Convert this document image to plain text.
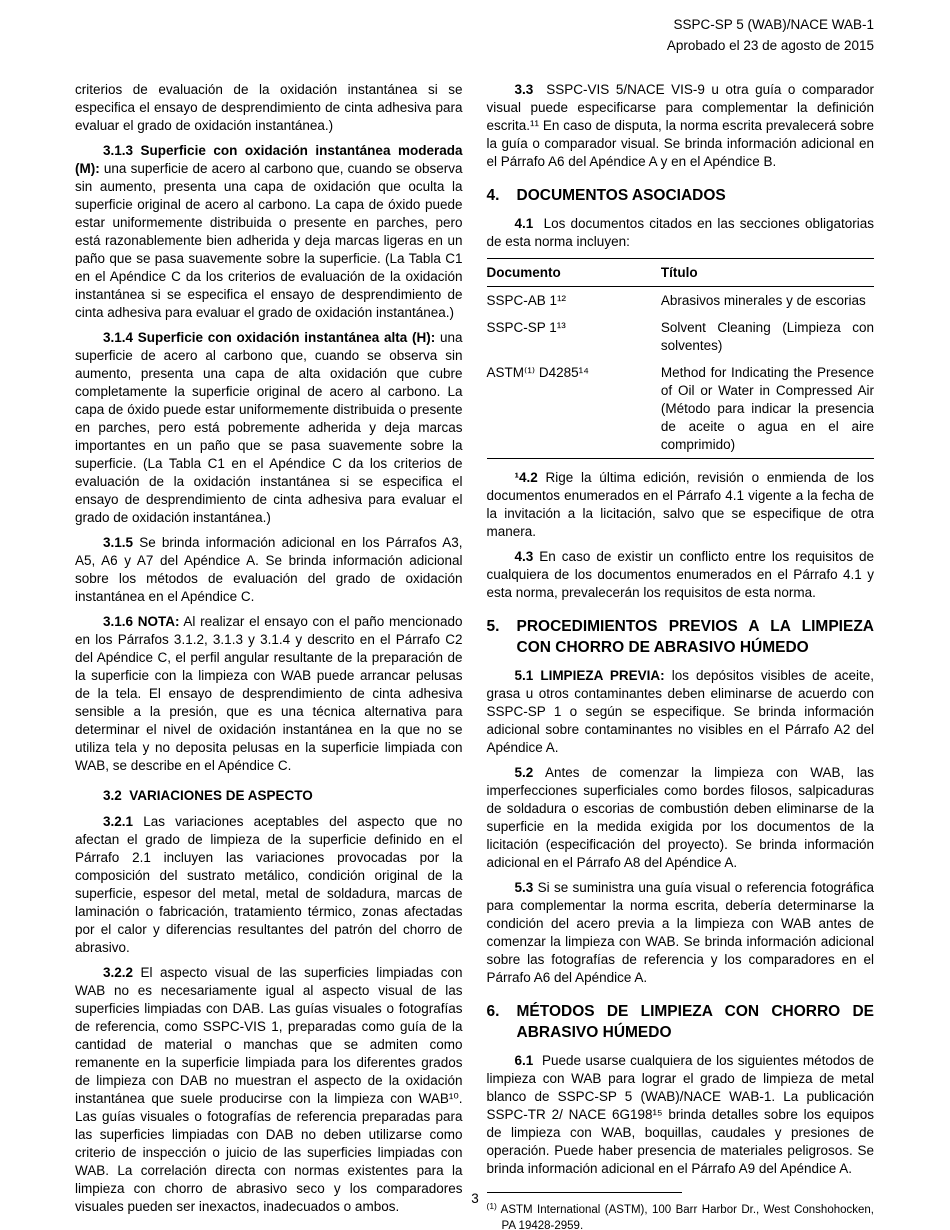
SSPC-SP 5 (WAB)/NACE WAB-1
Aprobado el 23 de agosto de 2015

criterios de evaluación de la oxidación instantánea si se especifica el ensayo de desprendimiento de cinta adhesiva para evaluar el grado de oxidación instantánea.)

3.1.3 Superficie con oxidación instantánea moderada (M): una superficie de acero al carbono que, cuando se observa sin aumento, presenta una capa de oxidación que oculta la superficie original de acero al carbono. La capa de óxido puede estar uniformemente distribuida o presente en parches, pero está razonablemente bien adherida y deja marcas ligeras en un paño que se pasa suavemente sobre la superficie. (La Tabla C1 en el Apéndice C da los criterios de evaluación de la oxidación instantánea si se especifica el ensayo de desprendimiento de cinta adhesiva para evaluar el grado de oxidación instantánea.)

3.1.4 Superficie con oxidación instantánea alta (H): una superficie de acero al carbono que, cuando se observa sin aumento, presenta una capa de alta oxidación que cubre completamente la superficie original de acero al carbono. La capa de óxido puede estar uniformemente distribuida o presente en parches, pero está pobremente adherida y deja marcas importantes en un paño que se pasa suavemente sobre la superficie. (La Tabla C1 en el Apéndice C da los criterios de evaluación de la oxidación instantánea si se especifica el ensayo de desprendimiento de cinta adhesiva para evaluar el grado de oxidación instantánea.)

3.1.5 Se brinda información adicional en los Párrafos A3, A5, A6 y A7 del Apéndice A. Se brinda información adicional sobre los métodos de evaluación del grado de oxidación instantánea en el Apéndice C.

3.1.6 NOTA: Al realizar el ensayo con el paño mencionado en los Párrafos 3.1.2, 3.1.3 y 3.1.4 y descrito en el Párrafo C2 del Apéndice C, el perfil angular resultante de la preparación de la superficie con la limpieza con WAB puede arrancar pelusas de la tela. El ensayo de desprendimiento de cinta adhesiva sensible a la presión, que es una técnica alternativa para determinar el nivel de oxidación instantánea en la que no se utiliza tela y no deposita pelusas en la superficie limpiada con WAB, se describe en el Apéndice C.

3.2  VARIACIONES DE ASPECTO

3.2.1 Las variaciones aceptables del aspecto que no afectan el grado de limpieza de la superficie definido en el Párrafo 2.1 incluyen las variaciones provocadas por la composición del sustrato metálico, condición original de la superficie, espesor del metal, metal de soldadura, marcas de laminación o fabricación, tratamiento térmico, zonas afectadas por el calor y diferencias resultantes del patrón del chorro de abrasivo.

3.2.2 El aspecto visual de las superficies limpiadas con WAB no es necesariamente igual al aspecto visual de las superficies limpiadas con DAB. Las guías visuales o fotografías de referencia, como SSPC-VIS 1, preparadas como guía de la cantidad de material o manchas que se admiten como remanente en la superficie limpiada para los diferentes grados de limpieza con DAB no muestran el aspecto de la oxidación instantánea que suele producirse con la limpieza con WAB¹⁰. Las guías visuales o fotografías de referencia preparadas para las superficies limpiadas con DAB no deben utilizarse como criterio de inspección o juicio de las superficies limpiadas con WAB. La correlación directa con normas existentes para la limpieza con chorro de abrasivo seco y los comparadores visuales pueden ser inexactos, inadecuados o ambos.

3.3  SSPC-VIS 5/NACE VIS-9 u otra guía o comparador visual puede especificarse para complementar la definición escrita.¹¹ En caso de disputa, la norma escrita prevalecerá sobre la guía o comparador visual. Se brinda información adicional en el Párrafo A6 del Apéndice A y en el Apéndice B.

4.	DOCUMENTOS ASOCIADOS

4.1  Los documentos citados en las secciones obligatorias de esta norma incluyen:

Documento	Título
SSPC-AB 1¹²	Abrasivos minerales y de escorias
SSPC-SP 1¹³	Solvent Cleaning (Limpieza con solventes)
ASTM⁽¹⁾ D4285¹⁴	Method for Indicating the Presence of Oil or Water in Compressed Air (Método para indicar la presencia de aceite o agua en el aire comprimido)

¹4.2 Rige la última edición, revisión o enmienda de los documentos enumerados en el Párrafo 4.1 vigente a la fecha de la invitación a la licitación, salvo que se especifique de otra manera.

4.3 En caso de existir un conflicto entre los requisitos de cualquiera de los documentos enumerados en el Párrafo 4.1 y esta norma, prevalecerán los requisitos de esta norma.

5.	PROCEDIMIENTOS PREVIOS A LA LIMPIEZA CON CHORRO DE ABRASIVO HÚMEDO

5.1 LIMPIEZA PREVIA: los depósitos visibles de aceite, grasa u otros contaminantes deben eliminarse de acuerdo con SSPC-SP 1 o según se especifique. Se brinda información adicional sobre contaminantes no visibles en el Párrafo A2 del Apéndice A.

5.2 Antes de comenzar la limpieza con WAB, las imperfecciones superficiales como bordes filosos, salpicaduras de soldadura o escorias de combustión deben eliminarse de la superficie en la medida exigida por los documentos de la licitación (especificación del proyecto). Se brinda información adicional en el Párrafo A8 del Apéndice A.

5.3 Si se suministra una guía visual o referencia fotográfica para complementar la norma escrita, debería determinarse la condición del acero previa a la limpieza con WAB antes de comenzar la limpieza con WAB. Se brinda información adicional sobre las fotografías de referencia y los comparadores en el Párrafo A6 del Apéndice A.

6.	MÉTODOS DE LIMPIEZA CON CHORRO DE ABRASIVO HÚMEDO

6.1  Puede usarse cualquiera de los siguientes métodos de limpieza con WAB para lograr el grado de limpieza de metal blanco de SSPC-SP 5 (WAB)/NACE WAB-1. La publicación SSPC-TR 2/ NACE 6G198¹⁵ brinda detalles sobre los equipos de limpieza con WAB, boquillas, caudales y presiones de operación. Puede haber presencia de materiales peligrosos. Se brinda información adicional en el Párrafo A9 del Apéndice A.

$^{(1)}$ ASTM International (ASTM), 100 Barr Harbor Dr., West Conshohocken, PA 19428-2959.
3
